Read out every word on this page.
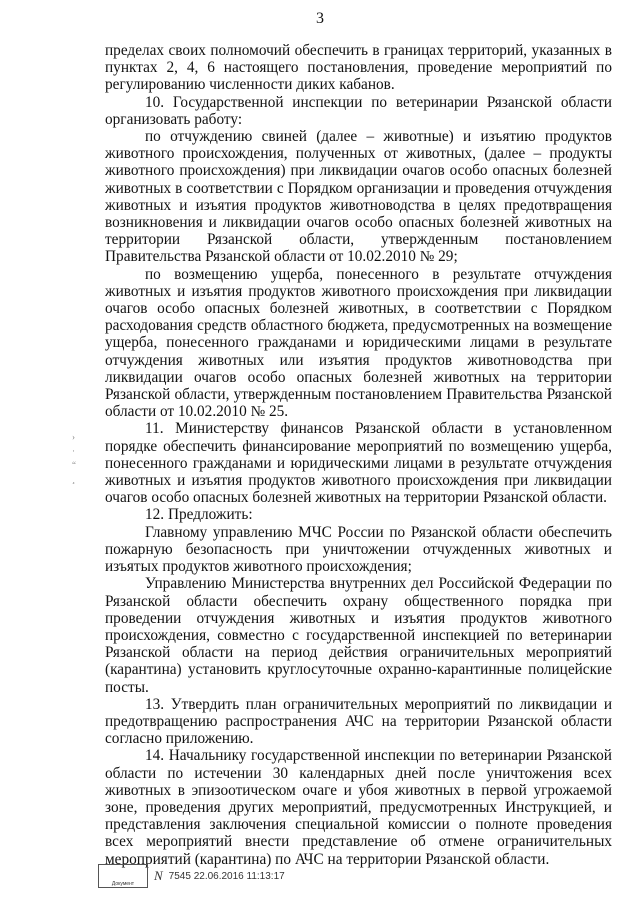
3
›
·
“
¸

пределах своих полномочий обеспечить в границах территорий, указанных в пунктах 2, 4, 6 настоящего постановления, проведение мероприятий по регулированию численности диких кабанов.

10. Государственной инспекции по ветеринарии Рязанской области организовать работу:

по отчуждению свиней (далее – животные) и изъятию продуктов животного происхождения, полученных от животных, (далее – продукты животного происхождения) при ликвидации очагов особо опасных болезней животных в соответствии с Порядком организации и проведения отчуждения животных и изъятия продуктов животноводства в целях предотвращения возникновения и ликвидации очагов особо опасных болезней животных на территории Рязанской области, утвержденным постановлением Правительства Рязанской области от 10.02.2010 № 29;

по возмещению ущерба, понесенного в результате отчуждения животных и изъятия продуктов животного происхождения при ликвидации очагов особо опасных болезней животных, в соответствии с Порядком расходования средств областного бюджета, предусмотренных на возмещение ущерба, понесенного гражданами и юридическими лицами в результате отчуждения животных или изъятия продуктов животноводства при ликвидации очагов особо опасных болезней животных на территории Рязанской области, утвержденным постановлением Правительства Рязанской области от 10.02.2010 № 25.

11. Министерству финансов Рязанской области в установленном порядке обеспечить финансирование мероприятий по возмещению ущерба, понесенного гражданами и юридическими лицами в результате отчуждения животных и изъятия продуктов животного происхождения при ликвидации очагов особо опасных болезней животных на территории Рязанской области.

12. Предложить:

Главному управлению МЧС России по Рязанской области обеспечить пожарную безопасность при уничтожении отчужденных животных и изъятых продуктов животного происхождения;

Управлению Министерства внутренних дел Российской Федерации по Рязанской области обеспечить охрану общественного порядка при проведении отчуждения животных и изъятия продуктов животного происхождения, совместно с государственной инспекцией по ветеринарии Рязанской области на период действия ограничительных мероприятий (карантина) установить круглосуточные охранно-карантинные полицейские посты.

13. Утвердить план ограничительных мероприятий по ликвидации и предотвращению распространения АЧС на территории Рязанской области согласно приложению.

14. Начальнику государственной инспекции по ветеринарии Рязанской области по истечении 30 календарных дней после уничтожения всех животных в эпизоотическом очаге и убоя животных в первой угрожаемой зоне, проведения других мероприятий, предусмотренных Инструкцией, и представления заключения специальной комиссии о полноте проведения всех мероприятий внести представление об отмене ограничительных мероприятий (карантина) по АЧС на территории Рязанской области.

Документ
N 7545 22.06.2016 11:13:17
